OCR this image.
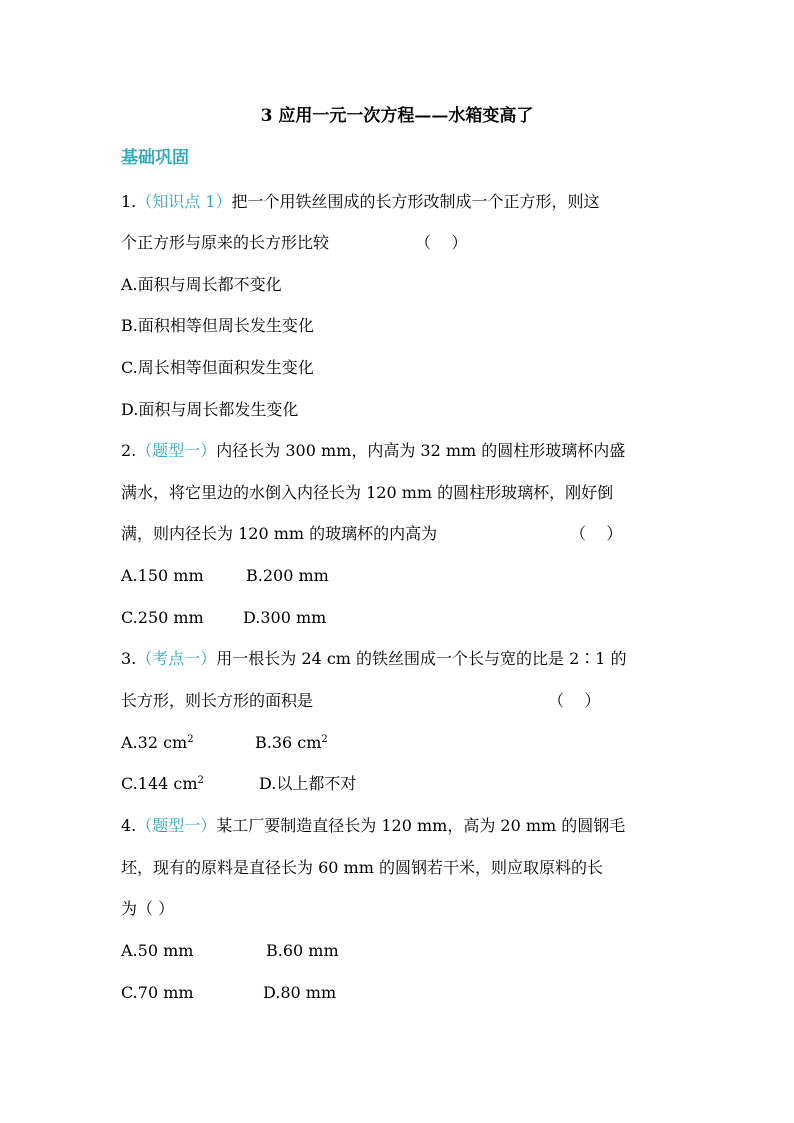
3 应用一元一次方程——水箱变高了
基础巩固
1.（知识点 1）把一个用铁丝围成的长方形改制成一个正方形，则这
个正方形与原来的长方形比较	（    ）
A.面积与周长都不变化
B.面积相等但周长发生变化
C.周长相等但面积发生变化
D.面积与周长都发生变化
2.（题型一）内径长为 300 mm，内高为 32 mm 的圆柱形玻璃杯内盛
满水，将它里边的水倒入内径长为 120 mm 的圆柱形玻璃杯，刚好倒
满，则内径长为 120 mm 的玻璃杯的内高为	（    ）
A.150 mm	B.200 mm
C.250 mm D.300 mm
3.（考点一）用一根长为 24 cm 的铁丝围成一个长与宽的比是 2∶1 的
长方形，则长方形的面积是	（    ）
A.32 $cm^2$	B.36 $cm^2$
C.144 $cm^2$	D.以上都不对
4.（题型一）某工厂要制造直径长为 120 mm，高为 20 mm 的圆钢毛
坯，现有的原料是直径长为 60 mm 的圆钢若干米，则应取原料的长
为（ ）
A.50 mm	B.60 mm
C.70 mm	D.80 mm
